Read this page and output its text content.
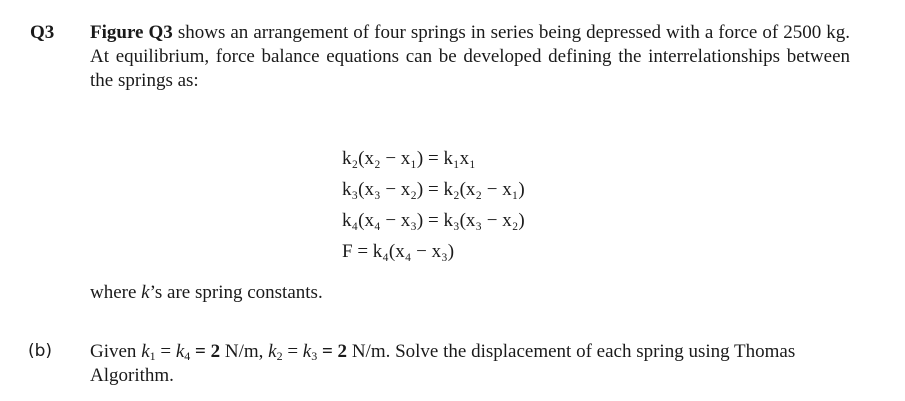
Q3 Figure Q3 shows an arrangement of four springs in series being depressed with a force of 2500 kg. At equilibrium, force balance equations can be developed defining the interrelationships between the springs as:
k₂(x₂ − x₁) = k₁x₁
k₃(x₃ − x₂) = k₂(x₂ − x₁)
k₄(x₄ − x₃) = k₃(x₃ − x₂)
F = k₄(x₄ − x₃)
where k’s are spring constants.
(b) Given $k_1 = k_4 = 2$ N/m, $k_2 = k_3 = 2$ N/m. Solve the displacement of each spring using Thomas Algorithm.
